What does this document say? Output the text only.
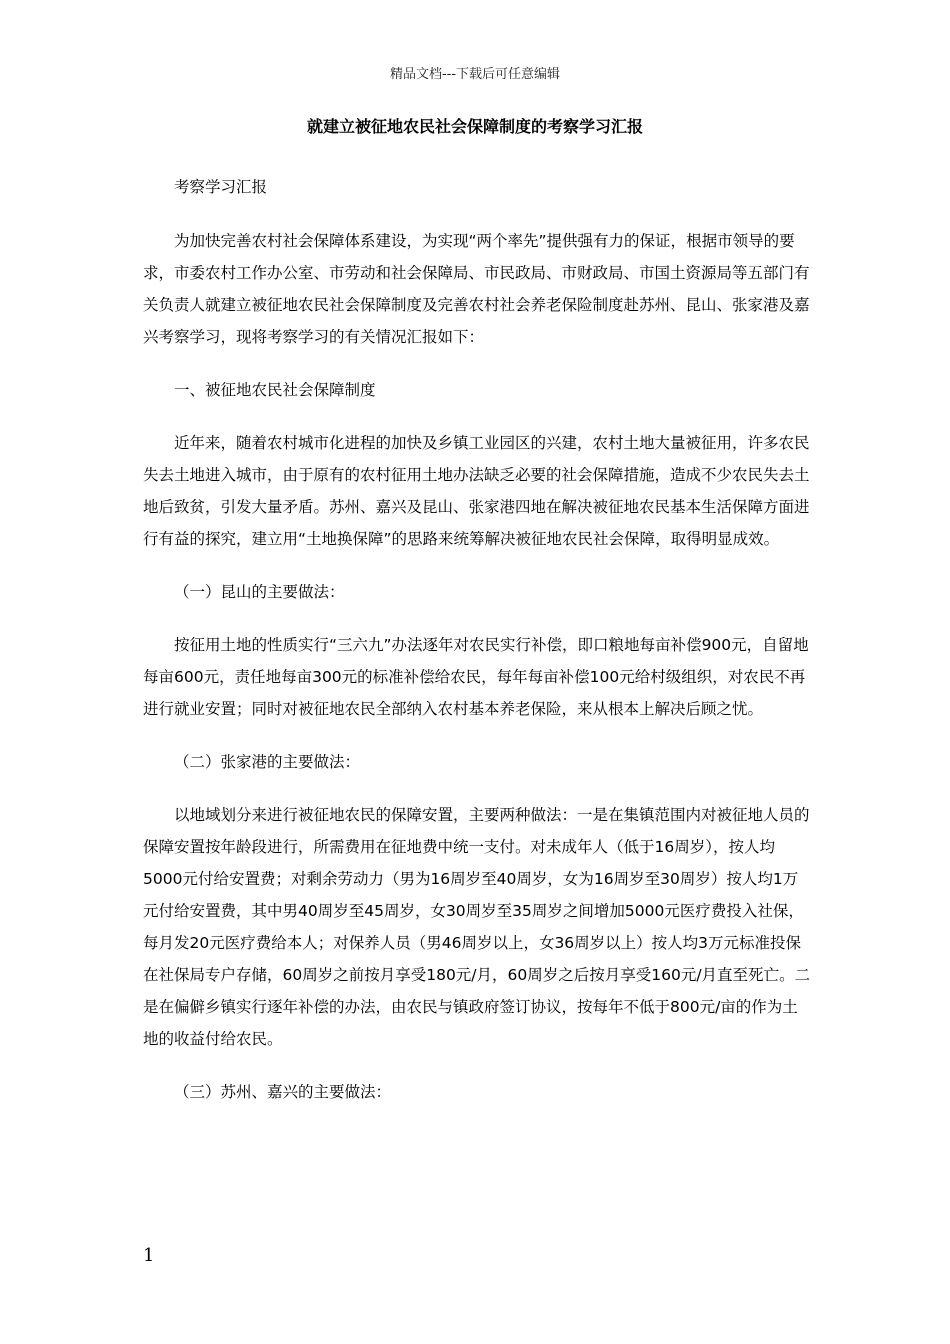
精品文档---下载后可任意编辑
就建立被征地农民社会保障制度的考察学习汇报

考察学习汇报

为加快完善农村社会保障体系建设，为实现“两个率先”提供强有力的保证，根据市领导的要求，市委农村工作办公室、市劳动和社会保障局、市民政局、市财政局、市国土资源局等五部门有关负责人就建立被征地农民社会保障制度及完善农村社会养老保险制度赴苏州、昆山、张家港及嘉兴考察学习，现将考察学习的有关情况汇报如下：

一、被征地农民社会保障制度

近年来，随着农村城市化进程的加快及乡镇工业园区的兴建，农村土地大量被征用，许多农民失去土地进入城市，由于原有的农村征用土地办法缺乏必要的社会保障措施，造成不少农民失去土地后致贫，引发大量矛盾。苏州、嘉兴及昆山、张家港四地在解决被征地农民基本生活保障方面进行有益的探究，建立用“土地换保障”的思路来统筹解决被征地农民社会保障，取得明显成效。

（一）昆山的主要做法：

按征用土地的性质实行“三六九”办法逐年对农民实行补偿，即口粮地每亩补偿900元，自留地每亩600元，责任地每亩300元的标准补偿给农民，每年每亩补偿100元给村级组织，对农民不再进行就业安置；同时对被征地农民全部纳入农村基本养老保险，来从根本上解决后顾之忧。

（二）张家港的主要做法：

以地域划分来进行被征地农民的保障安置，主要两种做法：一是在集镇范围内对被征地人员的保障安置按年龄段进行，所需费用在征地费中统一支付。对未成年人（低于16周岁），按人均5000元付给安置费；对剩余劳动力（男为16周岁至40周岁，女为16周岁至30周岁）按人均1万元付给安置费，其中男40周岁至45周岁，女30周岁至35周岁之间增加5000元医疗费投入社保，每月发20元医疗费给本人；对保养人员（男46周岁以上，女36周岁以上）按人均3万元标准投保在社保局专户存储，60周岁之前按月享受180元/月，60周岁之后按月享受160元/月直至死亡。二是在偏僻乡镇实行逐年补偿的办法，由农民与镇政府签订协议，按每年不低于800元/亩的作为土地的收益付给农民。

（三）苏州、嘉兴的主要做法：

1
